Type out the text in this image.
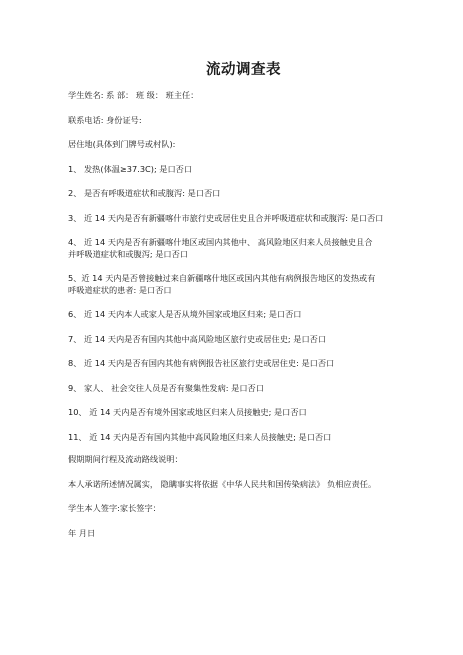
流动调查表
学生姓名: 系 部： 班 级： 班主任：
联系电话: 身份证号:
居住地(具体到门牌号或村队):
1、 发热(体温≥37.3C); 是口否口
2、 是否有呼吸道症状和或腹泻: 是口否口
3、 近 14 天内是否有新疆喀什市旅行史或居住史且合并呼吸道症状和或腹泻: 是口否口
4、 近 14 天内是否有新疆喀什地区或国内其他中、 高风险地区归来人员接触史且合
并呼吸道症状和或腹泻; 是口否口
5、近 14 天内是否曾接触过来自新疆喀什地区或国内其他有病例报告地区的发热或有
呼吸道症状的患者: 是口否口
6、 近 14 天内本人或家人是否从境外国家或地区归来; 是口否口
7、 近 14 天内是否有国内其他中高风险地区旅行史或居住史; 是口否口
8、 近 14 天内是否有国内其他有病例报告社区旅行史或居住史: 是口否口
9、 家人、 社会交往人员是否有聚集性发病: 是口否口
10、 近 14 天内是否有境外国家或地区归来人员接触史; 是口否口
11、 近 14 天内是否有国内其他中高风险地区归来人员接触史; 是口否口
假期期间行程及流动路线说明：
本人承诺所述情况属实， 隐瞒事实将依据《中华人民共和国传染病法》 负相应责任。
学生本人签字:家长签字：
年 月日
